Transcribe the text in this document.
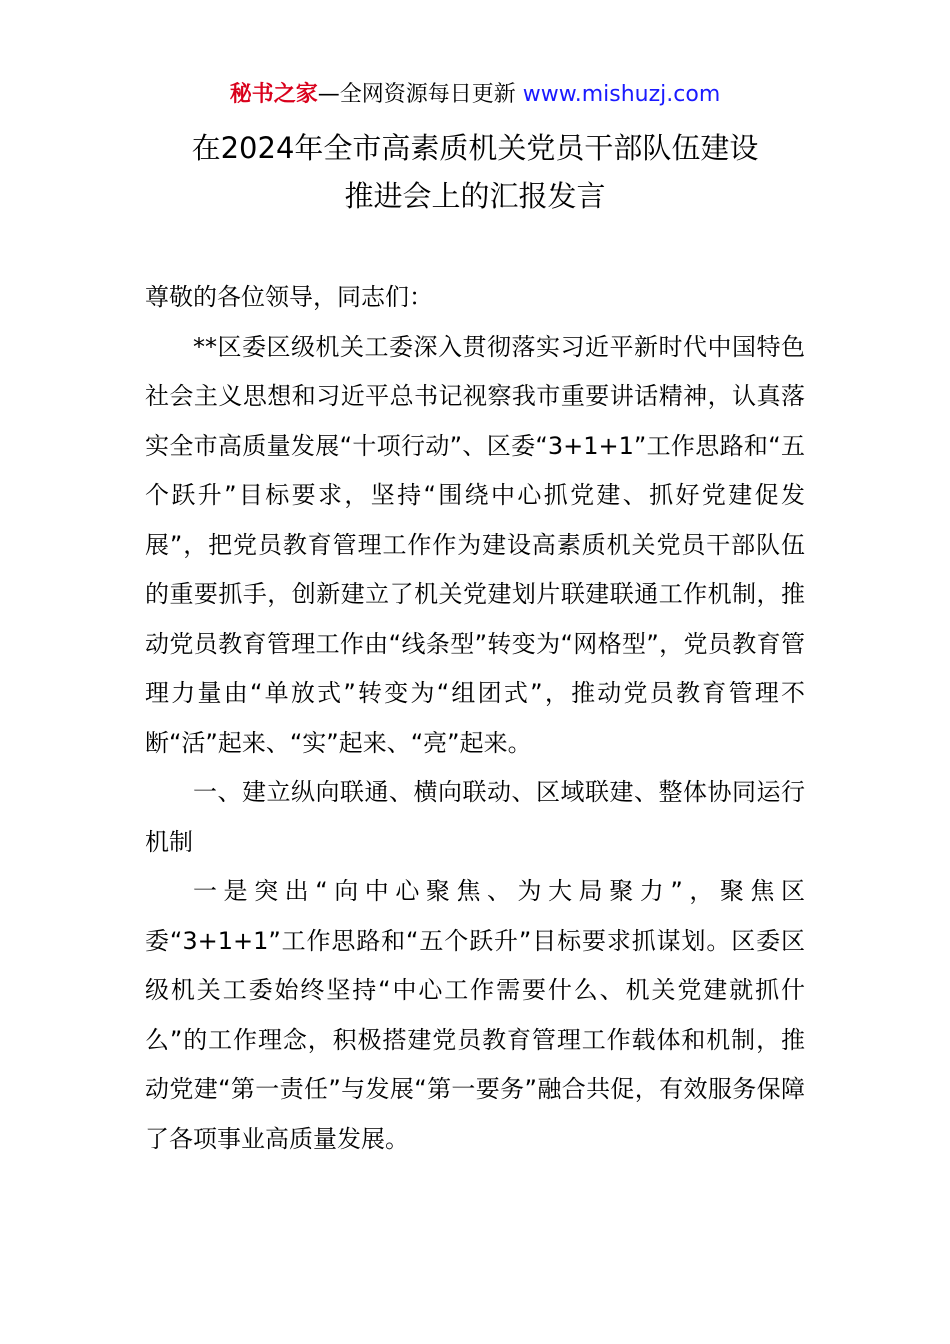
秘书之家—全网资源每日更新 www.mishuzj.com
在2024年全市高素质机关党员干部队伍建设
推进会上的汇报发言

尊敬的各位领导，同志们：

**区委区级机关工委深入贯彻落实习近平新时代中国特色社会主义思想和习近平总书记视察我市重要讲话精神，认真落实全市高质量发展“十项行动”、区委“3+1+1”工作思路和“五个跃升”目标要求，坚持“围绕中心抓党建、抓好党建促发展”，把党员教育管理工作作为建设高素质机关党员干部队伍的重要抓手，创新建立了机关党建划片联建联通工作机制，推动党员教育管理工作由“线条型”转变为“网格型”，党员教育管理力量由“单放式”转变为“组团式”，推动党员教育管理不断“活”起来、“实”起来、“亮”起来。

一、建立纵向联通、横向联动、区域联建、整体协同运行机制

一是突出“向中心聚焦、为大局聚力”，聚焦区委“3+1+1”工作思路和“五个跃升”目标要求抓谋划。区委区级机关工委始终坚持“中心工作需要什么、机关党建就抓什么”的工作理念，积极搭建党员教育管理工作载体和机制，推动党建“第一责任”与发展“第一要务”融合共促，有效服务保障了各项事业高质量发展。
